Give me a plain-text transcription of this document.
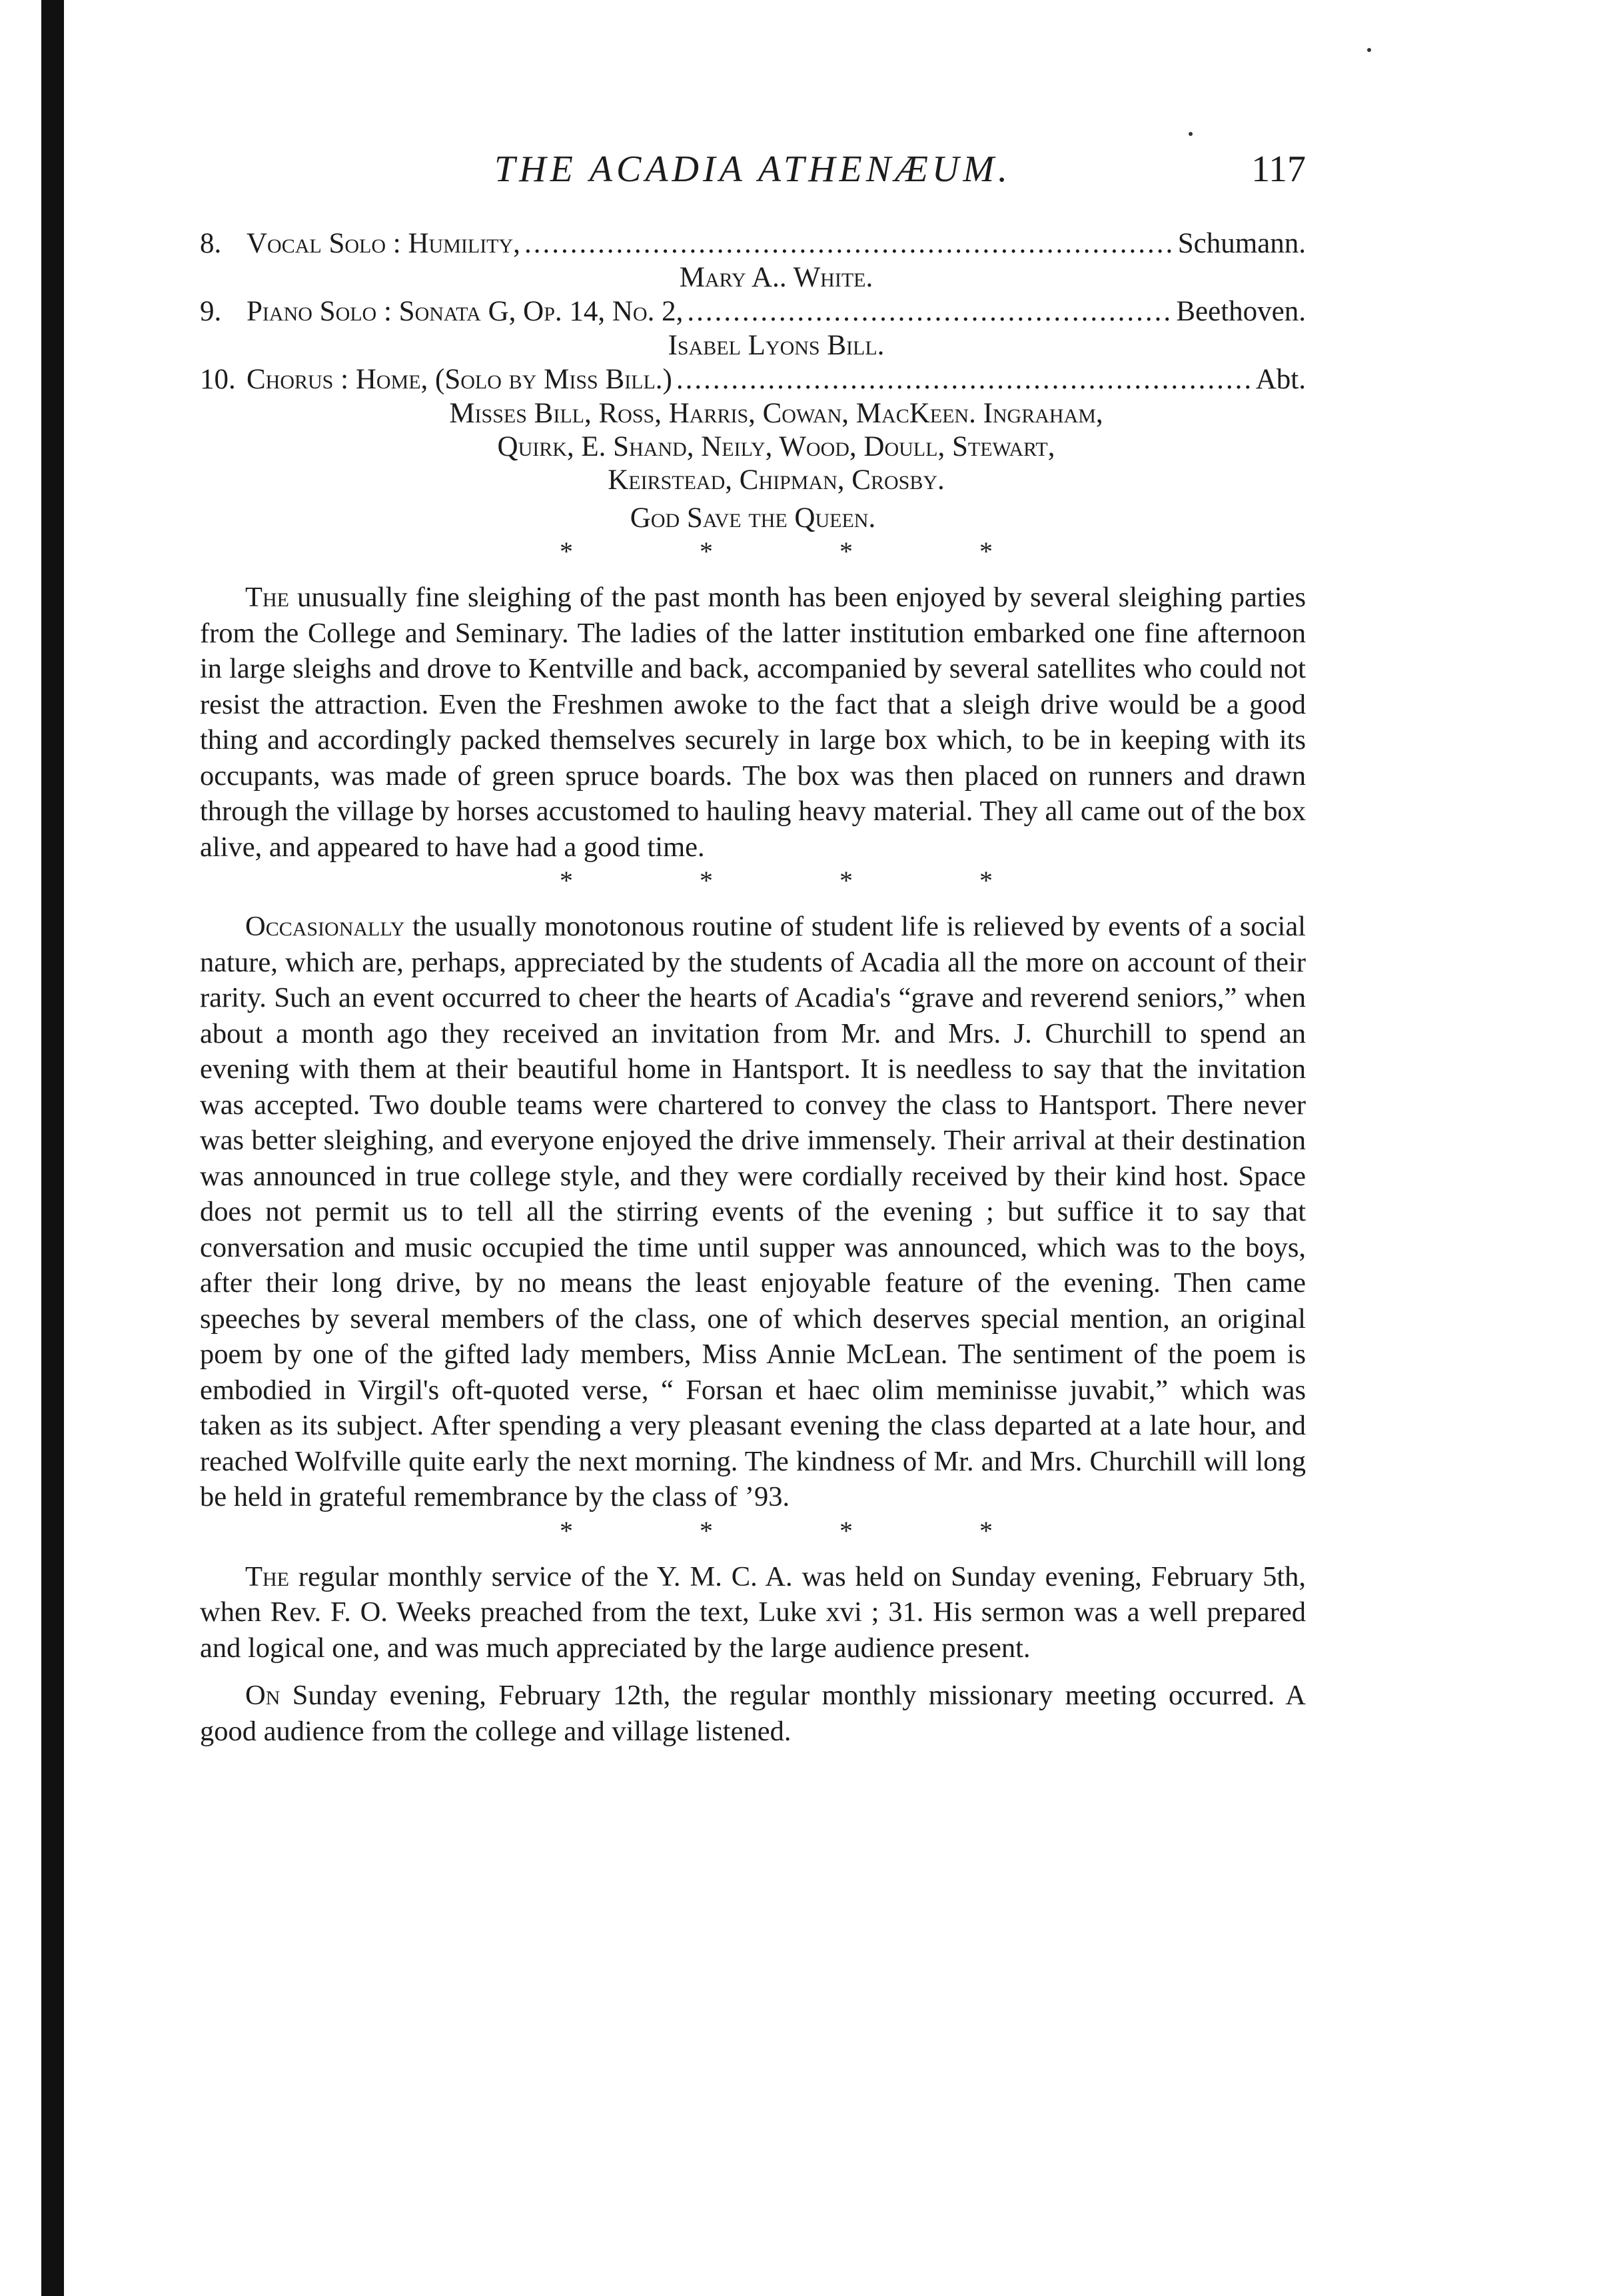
THE ACADIA ATHENÆUM.	117
8. Vocal Solo : Humility, .....	Schumann.
Mary A.. White.
9. Piano Solo : Sonata G, Op. 14, No. 2, .....	Beethoven.
Isabel Lyons Bill.
10. Chorus : Home, (Solo by Miss Bill.) .....	Abt.
Misses Bill, Ross, Harris, Cowan, MacKeen. Ingraham,
Quirk, E. Shand, Neily, Wood, Doull, Stewart,
Keirstead, Chipman, Crosby.
God Save the Queen.
*	*	*	*

The unusually fine sleighing of the past month has been enjoyed by several sleighing parties from the College and Seminary. The ladies of the latter institution embarked one fine afternoon in large sleighs and drove to Kentville and back, accompanied by several satellites who could not resist the attraction. Even the Freshmen awoke to the fact that a sleigh drive would be a good thing and accordingly packed themselves securely in large box which, to be in keeping with its occupants, was made of green spruce boards. The box was then placed on runners and drawn through the village by horses accustomed to hauling heavy material. They all came out of the box alive, and appeared to have had a good time.

*	*	*	*

Occasionally the usually monotonous routine of student life is relieved by events of a social nature, which are, perhaps, appreciated by the students of Acadia all the more on account of their rarity. Such an event occurred to cheer the hearts of Acadia's “grave and reverend seniors,” when about a month ago they received an invitation from Mr. and Mrs. J. Churchill to spend an evening with them at their beautiful home in Hantsport. It is needless to say that the invitation was accepted. Two double teams were chartered to convey the class to Hantsport. There never was better sleighing, and everyone enjoyed the drive immensely. Their arrival at their destination was announced in true college style, and they were cordially received by their kind host. Space does not permit us to tell all the stirring events of the evening ; but suffice it to say that conversation and music occupied the time until supper was announced, which was to the boys, after their long drive, by no means the least enjoyable feature of the evening. Then came speeches by several members of the class, one of which deserves special mention, an original poem by one of the gifted lady members, Miss Annie McLean. The sentiment of the poem is embodied in Virgil's oft-quoted verse, “ Forsan et haec olim meminisse juvabit,” which was taken as its subject. After spending a very pleasant evening the class departed at a late hour, and reached Wolfville quite early the next morning. The kindness of Mr. and Mrs. Churchill will long be held in grateful remembrance by the class of ’93.

*	*	*	*

The regular monthly service of the Y. M. C. A. was held on Sunday evening, February 5th, when Rev. F. O. Weeks preached from the text, Luke xvi ; 31. His sermon was a well prepared and logical one, and was much appreciated by the large audience present.

On Sunday evening, February 12th, the regular monthly missionary meeting occurred. A good audience from the college and village listened.
